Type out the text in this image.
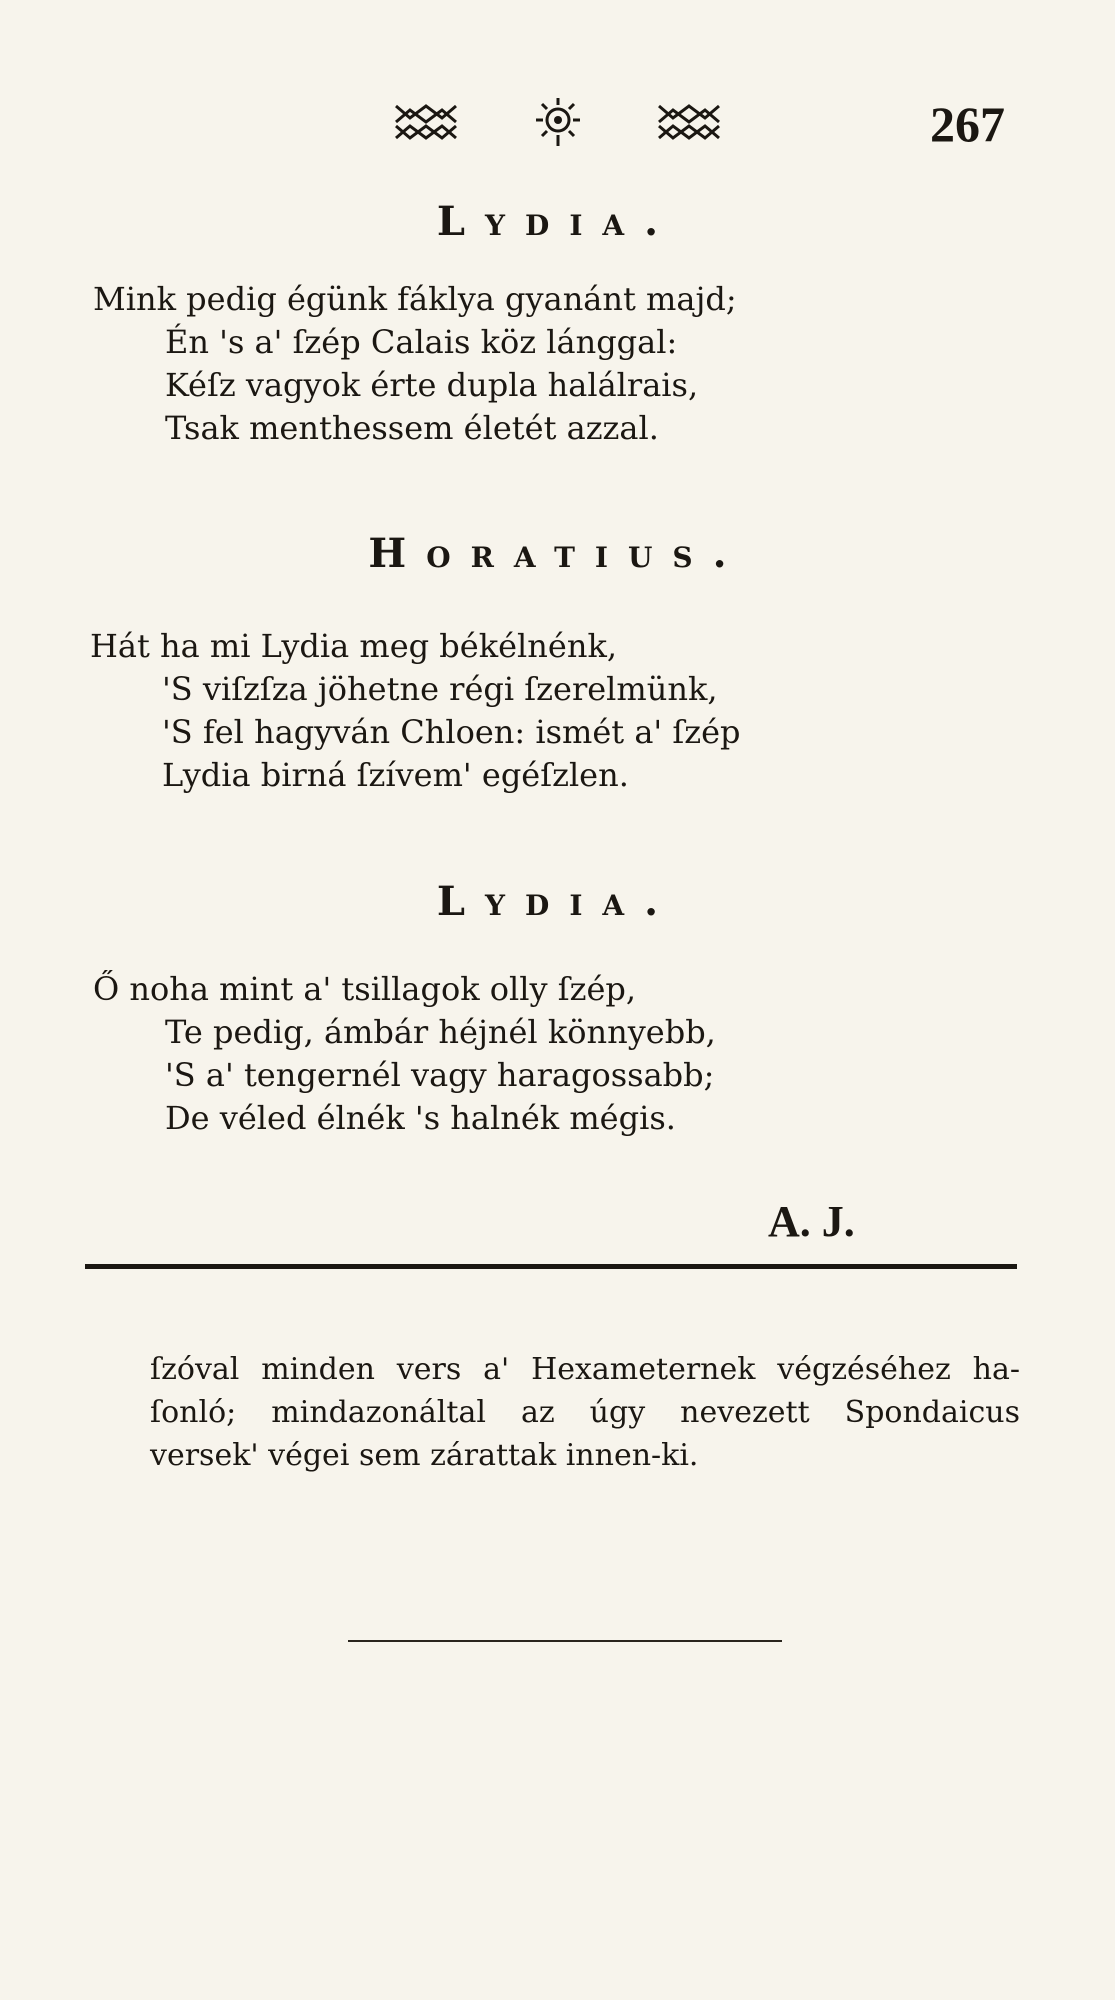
267
Lydia.
Mink pedig égünk fáklya gyanánt majd;
Én 's a' ſzép Calais köz lánggal:
Kéſz vagyok érte dupla halálrais,
Tsak menthessem életét azzal.
Horatius.
Hát ha mi Lydia meg békélnénk,
'S viſzſza jöhetne régi ſzerelmünk,
'S fel hagyván Chloen: ismét a' ſzép
Lydia birná ſzívem' egéſzlen.
Lydia.
Ő noha mint a' tsillagok olly ſzép,
Te pedig, ámbár héjnél könnyebb,
'S a' tengernél vagy haragossabb;
De véled élnék 's halnék mégis.
A. J.
ſzóval minden vers a' Hexameternek végzéséhez ha-
ſonló; mindazonáltal az úgy nevezett Spondaicus
versek' végei sem zárattak innen-ki.
